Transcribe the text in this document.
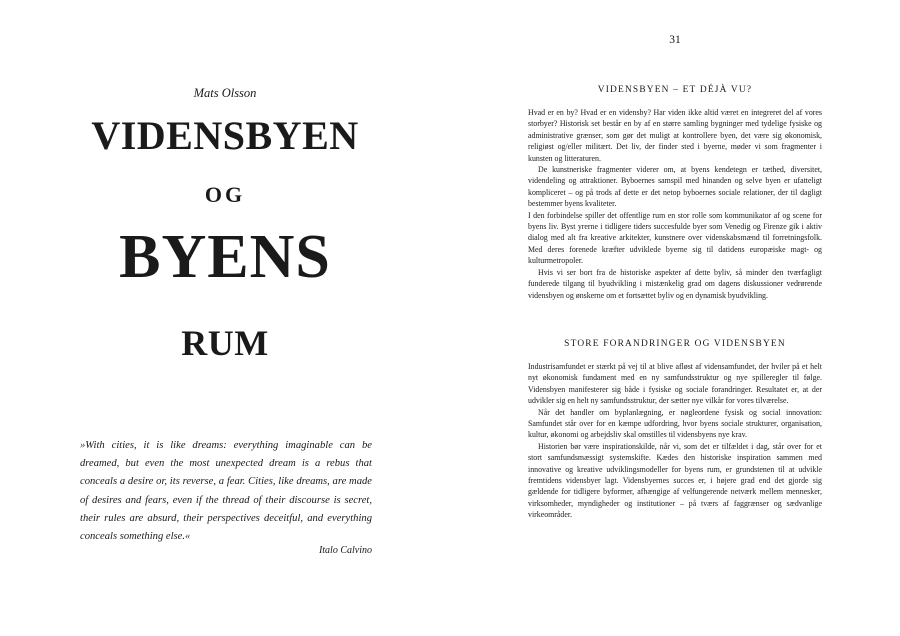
Mats Olsson
VIDENSBYEN
OG
BYENS
RUM
»With cities, it is like dreams: everything imaginable can be dreamed, but even the most unexpected dream is a rebus that conceals a desire or, its reverse, a fear. Cities, like dreams, are made of desires and fears, even if the thread of their discourse is secret, their rules are absurd, their perspectives deceitful, and everything conceals something else.«
Italo Calvino
31
VIDENSBYEN – ET DÉJÀ VU?

Hvad er en by? Hvad er en vidensby? Har viden ikke altid været en integreret del af vores storbyer? Historisk set består en by af en større samling bygninger med tydelige fysiske og administrative grænser, som gør det muligt at kontrollere byen, det være sig økonomisk, religiøst og/eller militært. Det liv, der finder sted i byerne, møder vi som fragmenter i kunsten og litteraturen.

De kunstneriske fragmenter viderer om, at byens kendetegn er tæthed, diversitet, videndeling og attraktioner. Byboernes samspil med hinanden og selve byen er ufatteligt kompliceret – og på trods af dette er det netop byboernes sociale relationer, der til dagligt bestemmer byens kvaliteter.

I den forbindelse spiller det offentlige rum en stor rolle som kommunikator af og scene for byens liv. Byst yrerne i tidligere tiders succesfulde byer som Venedig og Firenze gik i aktiv dialog med alt fra kreative arkitekter, kunstnere over videnskabsmænd til forretningsfolk. Med deres forenede kræfter udviklede byerne sig til datidens europæiske magt- og kulturmetropoler.

Hvis vi ser bort fra de historiske aspekter af dette byliv, så minder den tværfagligt funderede tilgang til byudvikling i mistænkelig grad om dagens diskussioner vedrørende vidensbyen og ønskerne om et fortsættet byliv og en dynamisk byudvikling.

STORE FORANDRINGER OG VIDENSBYEN

Industrisamfundet er stærkt på vej til at blive afløst af vidensamfundet, der hviler på et helt nyt økonomisk fundament med en ny samfundsstruktur og nye spilleregler til følge. Vidensbyen manifesterer sig både i fysiske og sociale forandringer. Resultatet er, at der udvikler sig en helt ny samfundsstruktur, der sætter nye vilkår for vores tilværelse.

Når det handler om byplanlægning, er nøgleordene fysisk og social innovation: Samfundet står over for en kæmpe udfordring, hvor byens sociale strukturer, organisation, kultur, økonomi og arbejdsliv skal omstilles til vidensbyens nye krav.

Historien bør være inspirationskilde, når vi, som det er tilfældet i dag, står over for et stort samfundsmæssigt systemskifte. Kædes den historiske inspiration sammen med innovative og kreative udviklingsmodeller for byens rum, er grundstenen til at udvikle fremtidens vidensbyer lagt. Vidensbyernes succes er, i højere grad end det gjorde sig gældende for tidligere byformer, afhængige af velfungerende netværk mellem mennesker, virksomheder, myndigheder og institutioner – på tværs af faggrænser og sædvanlige virkeområder.
